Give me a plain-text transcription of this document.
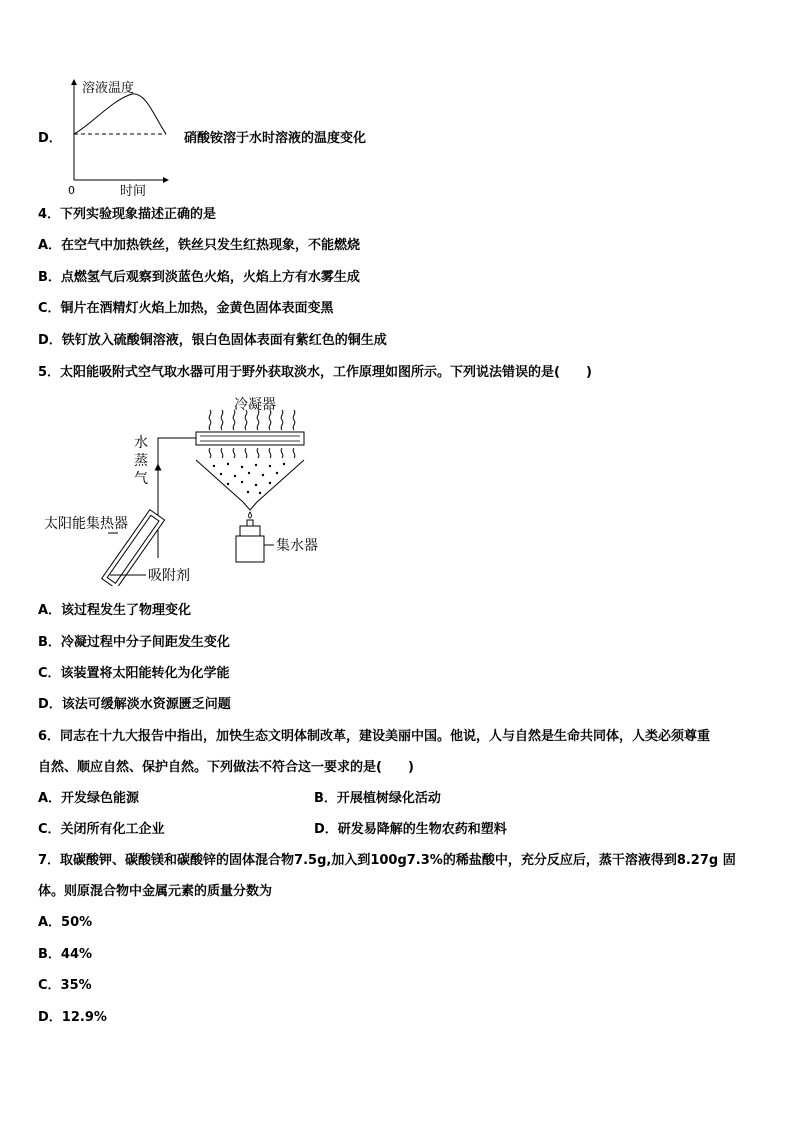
D．
溶液温度
0	时间
硝酸铵溶于水时溶液的温度变化
4．下列实验现象描述正确的是
A．在空气中加热铁丝，铁丝只发生红热现象，不能燃烧
B．点燃氢气后观察到淡蓝色火焰，火焰上方有水雾生成
C．铜片在酒精灯火焰上加热，金黄色固体表面变黑
D．铁钉放入硫酸铜溶液，银白色固体表面有紫红色的铜生成
5．太阳能吸附式空气取水器可用于野外获取淡水，工作原理如图所示。下列说法错误的是(　　)
冷凝器
集水器
水
蒸
气
太阳能集热器
吸附剂
A．该过程发生了物理变化
B．冷凝过程中分子间距发生变化
C．该装置将太阳能转化为化学能
D．该法可缓解淡水资源匮乏问题
6．同志在十九大报告中指出，加快生态文明体制改革，建设美丽中国。他说，人与自然是生命共同体，人类必须尊重
自然、顺应自然、保护自然。下列做法不符合这一要求的是(　　)
A．开发绿色能源	B．开展植树绿化活动
C．关闭所有化工企业	D．研发易降解的生物农药和塑料
7．取碳酸钾、碳酸镁和碳酸锌的固体混合物7.5g,加入到100g7.3%的稀盐酸中，充分反应后，蒸干溶液得到8.27g 固
体。则原混合物中金属元素的质量分数为
A．50%
B．44%
C．35%
D．12.9%
